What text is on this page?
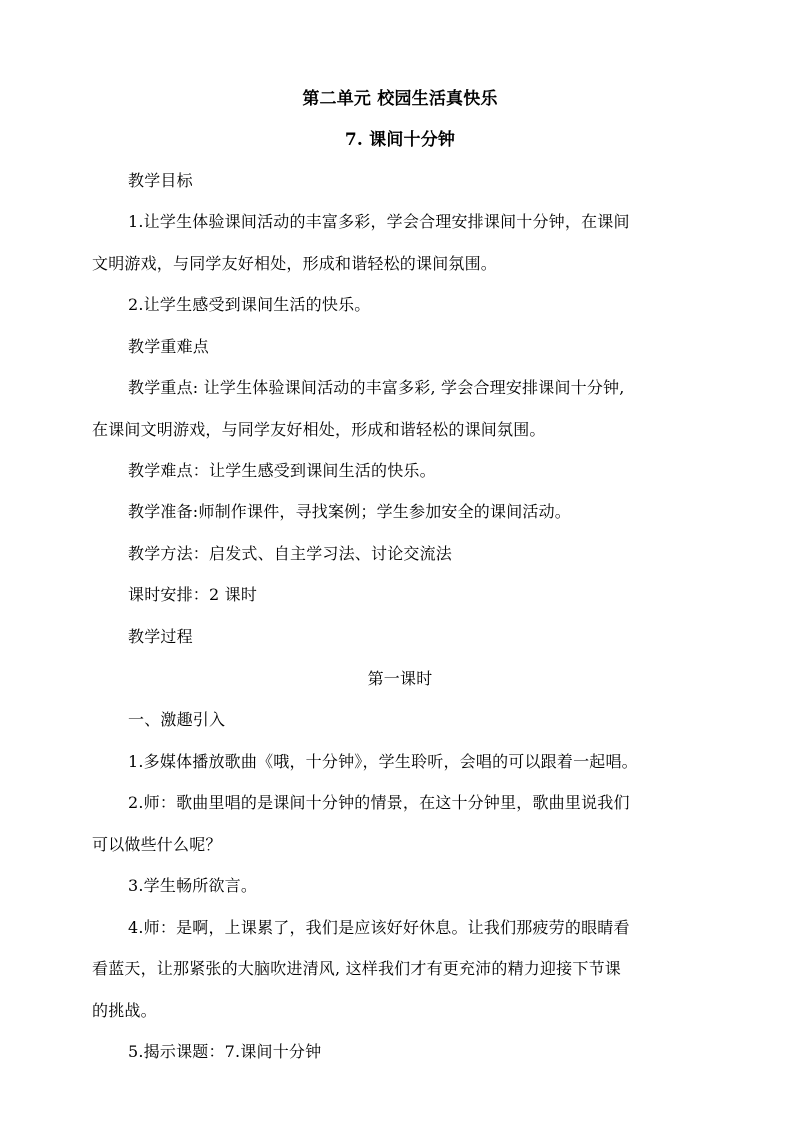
第二单元 校园生活真快乐
7. 课间十分钟
教学目标
1.让学生体验课间活动的丰富多彩，学会合理安排课间十分钟，在课间
文明游戏，与同学友好相处，形成和谐轻松的课间氛围。
2.让学生感受到课间生活的快乐。
教学重难点
教学重点: 让学生体验课间活动的丰富多彩, 学会合理安排课间十分钟,
在课间文明游戏，与同学友好相处，形成和谐轻松的课间氛围。
教学难点：让学生感受到课间生活的快乐。
教学准备:师制作课件，寻找案例；学生参加安全的课间活动。
教学方法：启发式、自主学习法、讨论交流法
课时安排：2 课时
教学过程
第一课时
一、激趣引入
1.多媒体播放歌曲《哦，十分钟》，学生聆听，会唱的可以跟着一起唱。
2.师：歌曲里唱的是课间十分钟的情景，在这十分钟里，歌曲里说我们
可以做些什么呢？
3.学生畅所欲言。
4.师：是啊，上课累了，我们是应该好好休息。让我们那疲劳的眼睛看
看蓝天，让那紧张的大脑吹进清风, 这样我们才有更充沛的精力迎接下节课
的挑战。
5.揭示课题：7.课间十分钟
